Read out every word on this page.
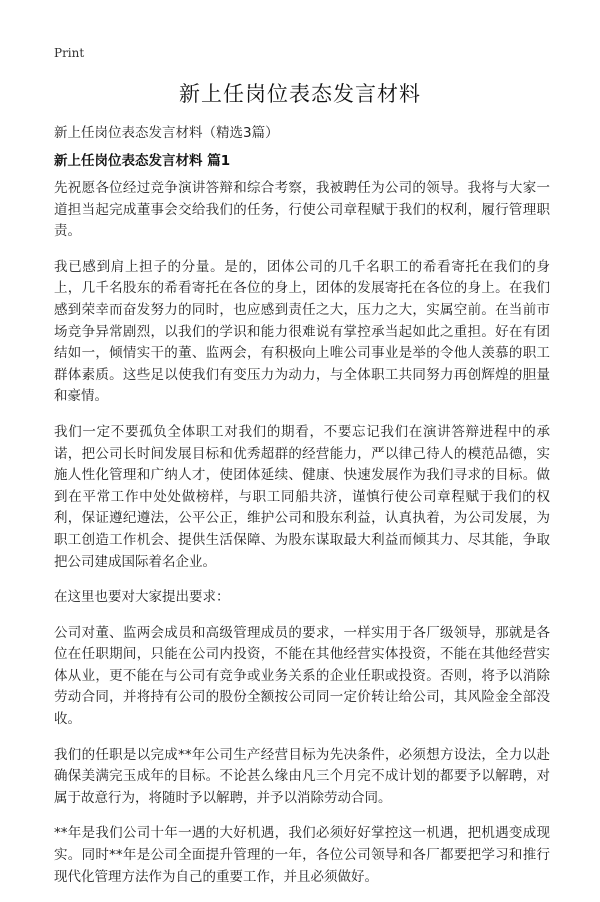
Print
新上任岗位表态发言材料
新上任岗位表态发言材料（精选3篇）
新上任岗位表态发言材料 篇1

先祝愿各位经过竞争演讲答辩和综合考察，我被聘任为公司的领导。我将与大家一道担当起完成董事会交给我们的任务，行使公司章程赋于我们的权利，履行管理职责。

我已感到肩上担子的分量。是的，团体公司的几千名职工的希看寄托在我们的身上，几千名股东的希看寄托在各位的身上，团体的发展寄托在各位的身上。在我们感到荣幸而奋发努力的同时，也应感到责任之大，压力之大，实属空前。在当前市场竞争异常剧烈，以我们的学识和能力很难说有掌控承当起如此之重担。好在有团结如一，倾情实干的董、监两会，有积极向上唯公司事业是举的令他人羡慕的职工群体素质。这些足以使我们有变压力为动力，与全体职工共同努力再创辉煌的胆量和豪情。

我们一定不要孤负全体职工对我们的期看，不要忘记我们在演讲答辩进程中的承诺，把公司长时间发展目标和优秀超群的经营能力，严以律己待人的模范品德，实施人性化管理和广纳人才，使团体延续、健康、快速发展作为我们寻求的目标。做到在平常工作中处处做榜样，与职工同船共济，谨慎行使公司章程赋于我们的权利，保证遵纪遵法，公平公正，维护公司和股东利益，认真执着，为公司发展，为职工创造工作机会、提供生活保障、为股东谋取最大利益而倾其力、尽其能，争取把公司建成国际着名企业。

在这里也要对大家提出要求：

公司对董、监两会成员和高级管理成员的要求，一样实用于各厂级领导，那就是各位在任职期间，只能在公司内投资，不能在其他经营实体投资，不能在其他经营实体从业，更不能在与公司有竞争或业务关系的企业任职或投资。否则，将予以消除劳动合同，并将持有公司的股份全额按公司同一定价转让给公司，其风险金全部没收。

我们的任职是以完成**年公司生产经营目标为先决条件，必须想方设法，全力以赴确保美满完玉成年的目标。不论甚么缘由凡三个月完不成计划的都要予以解聘，对属于故意行为，将随时予以解聘，并予以消除劳动合同。

**年是我们公司十年一遇的大好机遇，我们必须好好掌控这一机遇，把机遇变成现实。同时**年是公司全面提升管理的一年，各位公司领导和各厂都要把学习和推行现代化管理方法作为自己的重要工作，并且必须做好。
